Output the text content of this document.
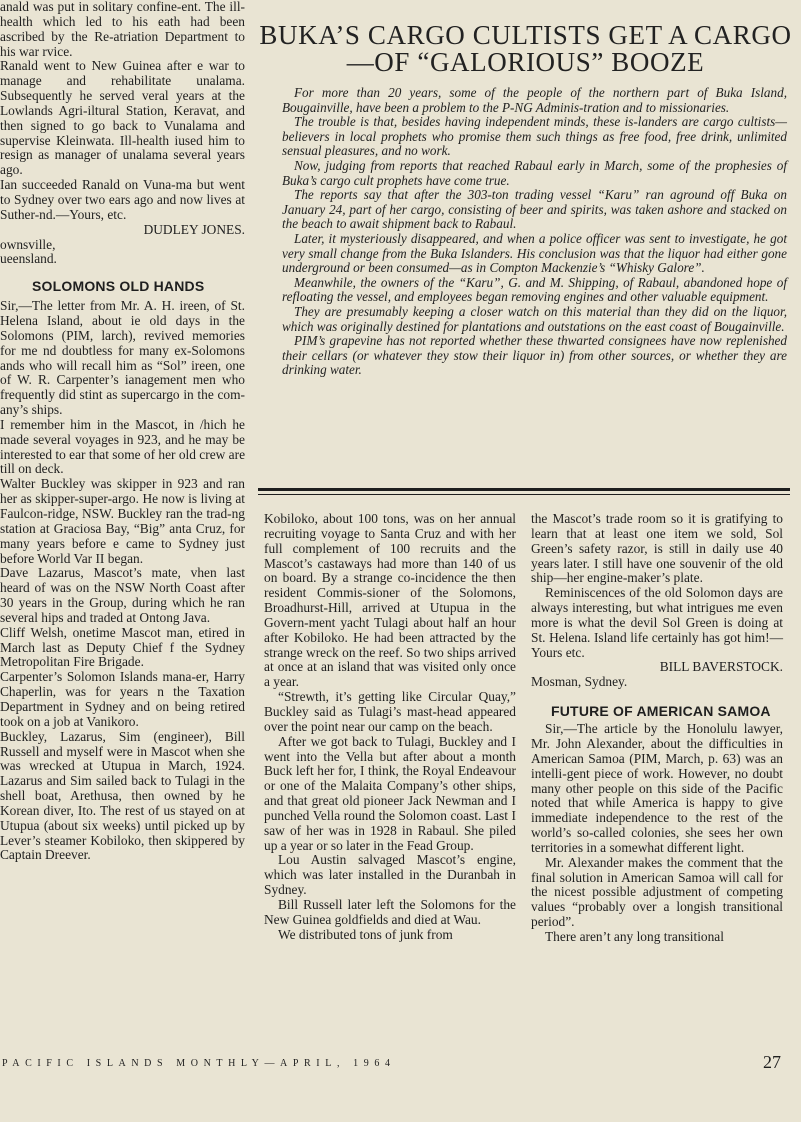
anald was put in solitary confine-ent. The ill-health which led to his eath had been ascribed by the Re-atriation Department to his war rvice.

Ranald went to New Guinea after e war to manage and rehabilitate unalama. Subsequently he served veral years at the Lowlands Agri-iltural Station, Keravat, and then signed to go back to Vunalama and supervise Kleinwata. Ill-health iused him to resign as manager of unalama several years ago.

Ian succeeded Ranald on Vuna-ma but went to Sydney over two ears ago and now lives at Suther-nd.—Yours, etc.

DUDLEY JONES.

ownsville,

ueensland.

SOLOMONS OLD HANDS

Sir,—The letter from Mr. A. H. ireen, of St. Helena Island, about ie old days in the Solomons (PIM, larch), revived memories for me nd doubtless for many ex-Solomons ands who will recall him as “Sol” ireen, one of W. R. Carpenter’s ianagement men who frequently did stint as supercargo in the com-any’s ships.

I remember him in the Mascot, in /hich he made several voyages in 923, and he may be interested to ear that some of her old crew are till on deck.

Walter Buckley was skipper in 923 and ran her as skipper-super-argo. He now is living at Faulcon-ridge, NSW. Buckley ran the trad-ng station at Graciosa Bay, “Big” anta Cruz, for many years before e came to Sydney just before World Var II began.

Dave Lazarus, Mascot’s mate, vhen last heard of was on the NSW North Coast after 30 years in the Group, during which he ran several hips and traded at Ontong Java.

Cliff Welsh, onetime Mascot man, etired in March last as Deputy Chief f the Sydney Metropolitan Fire Brigade.

Carpenter’s Solomon Islands mana-er, Harry Chaperlin, was for years n the Taxation Department in Sydney and on being retired took on a job at Vanikoro.

Buckley, Lazarus, Sim (engineer), Bill Russell and myself were in Mascot when she was wrecked at Utupua in March, 1924. Lazarus and Sim sailed back to Tulagi in the shell boat, Arethusa, then owned by he Korean diver, Ito. The rest of us stayed on at Utupua (about six weeks) until picked up by Lever’s steamer Kobiloko, then skippered by Captain Dreever.

BUKA’S CARGO CULTISTS GET A CARGO—OF “GALORIOUS” BOOZE

For more than 20 years, some of the people of the northern part of Buka Island, Bougainville, have been a problem to the P-NG Adminis-tration and to missionaries.

The trouble is that, besides having independent minds, these is-landers are cargo cultists—believers in local prophets who promise them such things as free food, free drink, unlimited sensual pleasures, and no work.

Now, judging from reports that reached Rabaul early in March, some of the prophesies of Buka’s cargo cult prophets have come true.

The reports say that after the 303-ton trading vessel “Karu” ran aground off Buka on January 24, part of her cargo, consisting of beer and spirits, was taken ashore and stacked on the beach to await shipment back to Rabaul.

Later, it mysteriously disappeared, and when a police officer was sent to investigate, he got very small change from the Buka Islanders. His conclusion was that the liquor had either gone underground or been consumed—as in Compton Mackenzie’s “Whisky Galore”.

Meanwhile, the owners of the “Karu”, G. and M. Shipping, of Rabaul, abandoned hope of refloating the vessel, and employees began removing engines and other valuable equipment.

They are presumably keeping a closer watch on this material than they did on the liquor, which was originally destined for plantations and outstations on the east coast of Bougainville.

PIM’s grapevine has not reported whether these thwarted consignees have now replenished their cellars (or whatever they stow their liquor in) from other sources, or whether they are drinking water.

Kobiloko, about 100 tons, was on her annual recruiting voyage to Santa Cruz and with her full complement of 100 recruits and the Mascot’s castaways had more than 140 of us on board. By a strange co-incidence the then resident Commis-sioner of the Solomons, Broadhurst-Hill, arrived at Utupua in the Govern-ment yacht Tulagi about half an hour after Kobiloko. He had been attracted by the strange wreck on the reef. So two ships arrived at once at an island that was visited only once a year.

“Strewth, it’s getting like Circular Quay,” Buckley said as Tulagi’s mast-head appeared over the point near our camp on the beach.

After we got back to Tulagi, Buckley and I went into the Vella but after about a month Buck left her for, I think, the Royal Endeavour or one of the Malaita Company’s other ships, and that great old pioneer Jack Newman and I punched Vella round the Solomon coast. Last I saw of her was in 1928 in Rabaul. She piled up a year or so later in the Fead Group.

Lou Austin salvaged Mascot’s engine, which was later installed in the Duranbah in Sydney.

Bill Russell later left the Solomons for the New Guinea goldfields and died at Wau.

We distributed tons of junk from

the Mascot’s trade room so it is gratifying to learn that at least one item we sold, Sol Green’s safety razor, is still in daily use 40 years later. I still have one souvenir of the old ship—her engine-maker’s plate.

Reminiscences of the old Solomon days are always interesting, but what intrigues me even more is what the devil Sol Green is doing at St. Helena. Island life certainly has got him!—Yours etc.

BILL BAVERSTOCK.

Mosman, Sydney.

FUTURE OF AMERICAN SAMOA

Sir,—The article by the Honolulu lawyer, Mr. John Alexander, about the difficulties in American Samoa (PIM, March, p. 63) was an intelli-gent piece of work. However, no doubt many other people on this side of the Pacific noted that while America is happy to give immediate independence to the rest of the world’s so-called colonies, she sees her own territories in a somewhat different light.

Mr. Alexander makes the comment that the final solution in American Samoa will call for the nicest possible adjustment of competing values “probably over a longish transitional period”.

There aren’t any long transitional

PACIFIC ISLANDS MONTHLY—APRIL, 1964	27
